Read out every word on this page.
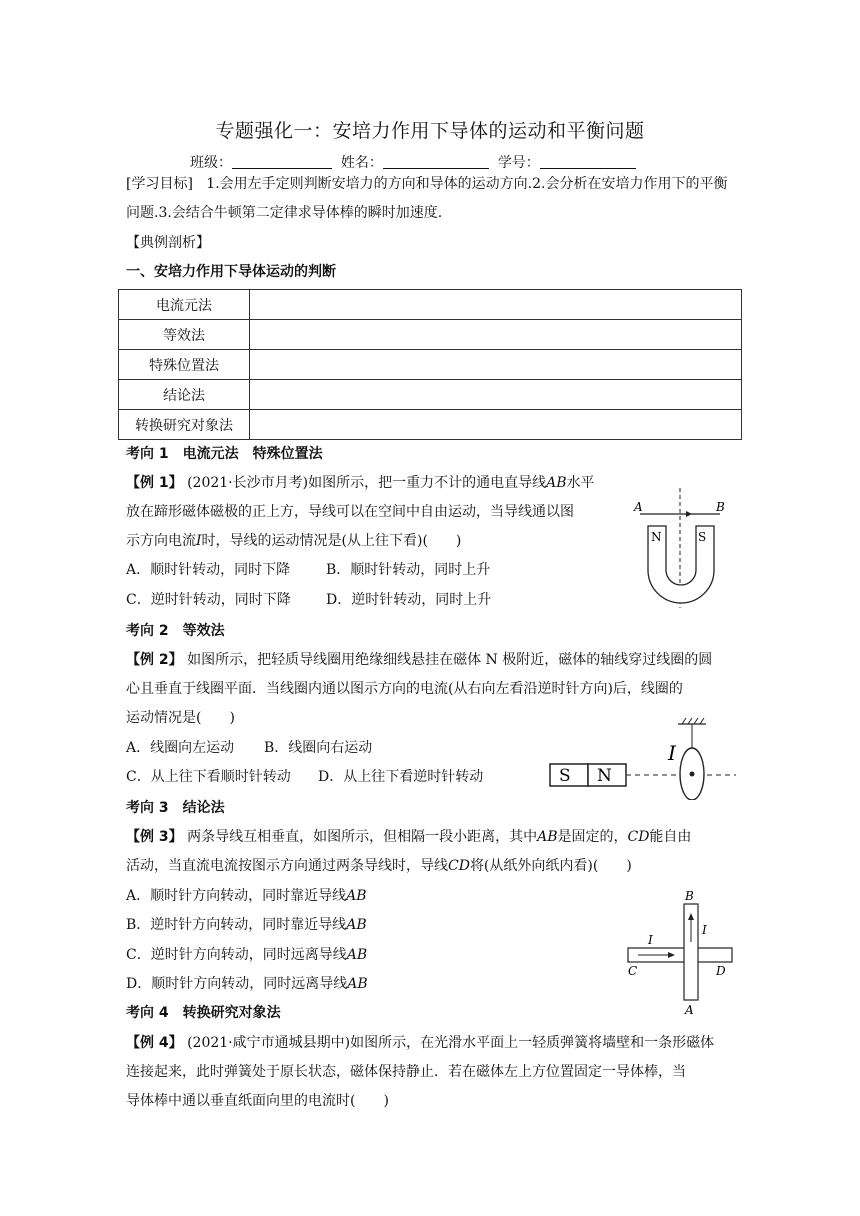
专题强化一：安培力作用下导体的运动和平衡问题
班级：	姓名：	学号：
[学习目标] 1.会用左手定则判断安培力的方向和导体的运动方向.2.会分析在安培力作用下的平衡问题.3.会结合牛顿第二定律求导体棒的瞬时加速度.
【典例剖析】
一、安培力作用下导体运动的判断
电流元法	
等效法	
特殊位置法	
结论法	
转换研究对象法	
考向 1　电流元法　特殊位置法
【例 1】 (2021·长沙市月考)如图所示，把一重力不计的通电直导线AB水平
放在蹄形磁体磁极的正上方，导线可以在空间中自由运动，当导线通以图
示方向电流I时，导线的运动情况是(从上往下看)(　　)
A．顺时针转动，同时下降	B．顺时针转动，同时上升
C．逆时针转动，同时下降	D．逆时针转动，同时上升
A	B
N	S
考向 2　等效法
【例 2】 如图所示，把轻质导线圈用绝缘细线悬挂在磁体 N 极附近，磁体的轴线穿过线圈的圆
心且垂直于线圈平面．当线圈内通以图示方向的电流(从右向左看沿逆时针方向)后，线圈的
运动情况是(　　)
A．线圈向左运动 B．线圈向右运动
C．从上往下看顺时针转动 D．从上往下看逆时针转动	S N
I
考向 3　结论法
【例 3】 两条导线互相垂直，如图所示，但相隔一段小距离，其中AB是固定的，CD能自由
活动，当直流电流按图示方向通过两条导线时，导线CD将(从纸外向纸内看)(　　)
A．顺时针方向转动，同时靠近导线AB
B．逆时针方向转动，同时靠近导线AB
C．逆时针方向转动，同时远离导线AB
D．顺时针方向转动，同时远离导线AB
B
A
C	D
I
I
考向 4　转换研究对象法
【例 4】 (2021·咸宁市通城县期中)如图所示，在光滑水平面上一轻质弹簧将墙壁和一条形磁体
连接起来，此时弹簧处于原长状态，磁体保持静止．若在磁体左上方位置固定一导体棒，当
导体棒中通以垂直纸面向里的电流时(　　)
